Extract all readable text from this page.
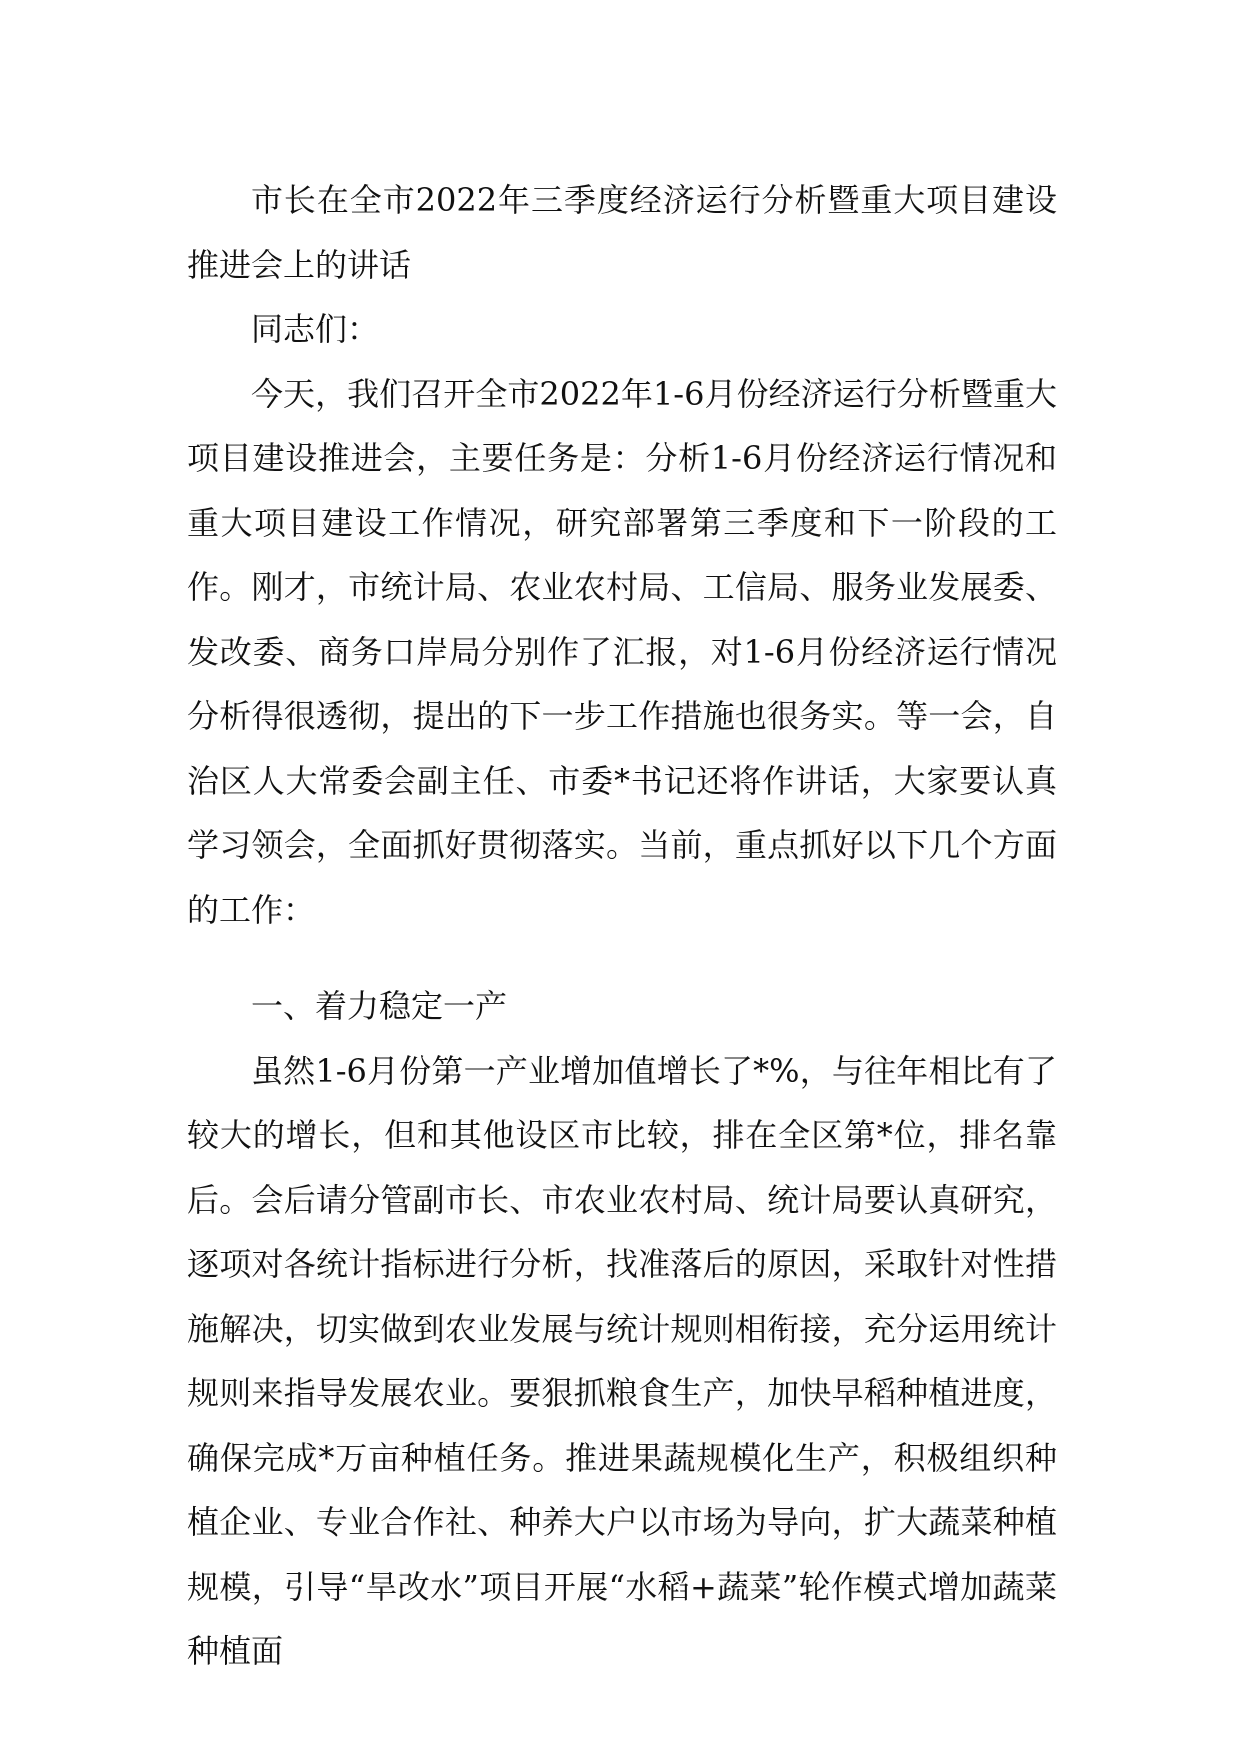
市长在全市2022年三季度经济运行分析暨重大项目建设推进会上的讲话

同志们：

今天，我们召开全市2022年1-6月份经济运行分析暨重大项目建设推进会，主要任务是：分析1-6月份经济运行情况和重大项目建设工作情况，研究部署第三季度和下一阶段的工作。刚才，市统计局、农业农村局、工信局、服务业发展委、发改委、商务口岸局分别作了汇报，对1-6月份经济运行情况分析得很透彻，提出的下一步工作措施也很务实。等一会，自治区人大常委会副主任、市委*书记还将作讲话，大家要认真学习领会，全面抓好贯彻落实。当前，重点抓好以下几个方面的工作：

一、着力稳定一产

虽然1-6月份第一产业增加值增长了*%，与往年相比有了较大的增长，但和其他设区市比较，排在全区第*位，排名靠后。会后请分管副市长、市农业农村局、统计局要认真研究，逐项对各统计指标进行分析，找准落后的原因，采取针对性措施解决，切实做到农业发展与统计规则相衔接，充分运用统计规则来指导发展农业。要狠抓粮食生产，加快早稻种植进度，确保完成*万亩种植任务。推进果蔬规模化生产，积极组织种植企业、专业合作社、种养大户以市场为导向，扩大蔬菜种植规模，引导“旱改水”项目开展“水稻+蔬菜”轮作模式增加蔬菜种植面
